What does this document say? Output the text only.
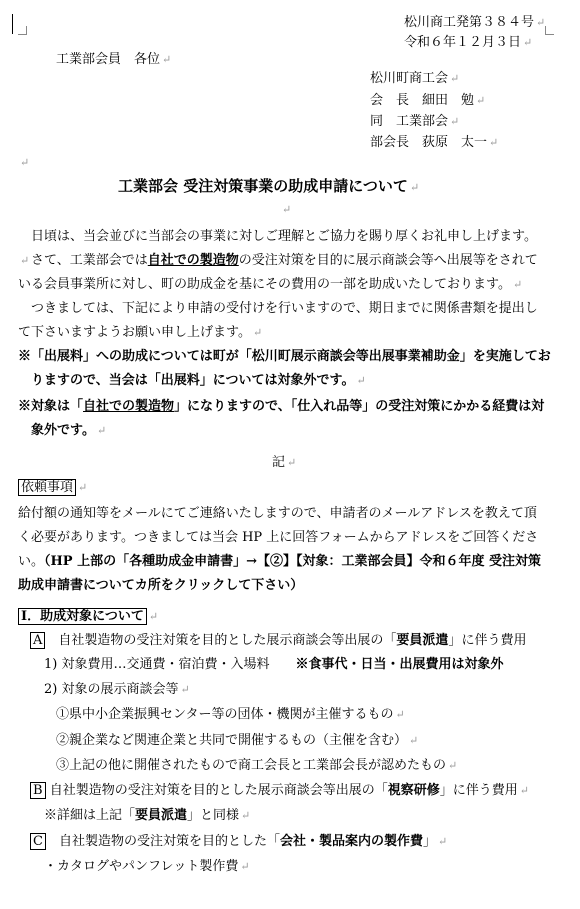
松川商工発第３８４号 ↵
令和６年１２月３日 ↵
工業部会員　各位 ↵
松川町商工会 ↵
会　長　細田　勉 ↵
同　工業部会 ↵
部会長　荻原　太一 ↵
↵
工業部会 受注対策事業の助成申請について ↵
↵

日頃は、当会並びに当部会の事業に対しご理解とご協力を賜り厚くお礼申し上げます。↵ さて、工業部会では自社での製造物の受注対策を目的に展示商談会等へ出展等をされている会員事業所に対し、町の助成金を基にその費用の一部を助成いたしております。 ↵

つきましては、下記により申請の受付けを行いますので、期日までに関係書類を提出して下さいますようお願い申し上げます。 ↵

※「出展料」への助成については町が「松川町展示商談会等出展事業補助金」を実施しておりますので、当会は「出展料」については対象外です。 ↵

※対象は「自社での製造物」になりますので、「仕入れ品等」の受注対策にかかる経費は対象外です。 ↵

記 ↵
依頼事項 ↵

給付額の通知等をメールにてご連絡いたしますので、申請者のメールアドレスを教えて頂く必要があります。つきましては当会 HP 上に回答フォームからアドレスをご回答ください。（HP 上部の「各種助成金申請書」→【②】【対象：工業部会員】令和６年度 受注対策助成申請書についてカ所をクリックして下さい）

Ⅰ．助成対象について ↵
A　 自社製造物の受注対策を目的とした展示商談会等出展の「要員派遣」に伴う費用
1) 対象費用…交通費・宿泊費・入場料　　※食事代・日当・出展費用は対象外
2) 対象の展示商談会等 ↵
①県中小企業振興センター等の団体・機関が主催するもの ↵
②親企業など関連企業と共同で開催するもの（主催を含む） ↵
③上記の他に開催されたもので商工会長と工業部会長が認めたもの ↵
B 自社製造物の受注対策を目的とした展示商談会等出展の「視察研修」に伴う費用 ↵
※詳細は上記「要員派遣」と同様 ↵
C　 自社製造物の受注対策を目的とした「会社・製品案内の製作費」 ↵
・カタログやパンフレット製作費 ↵
